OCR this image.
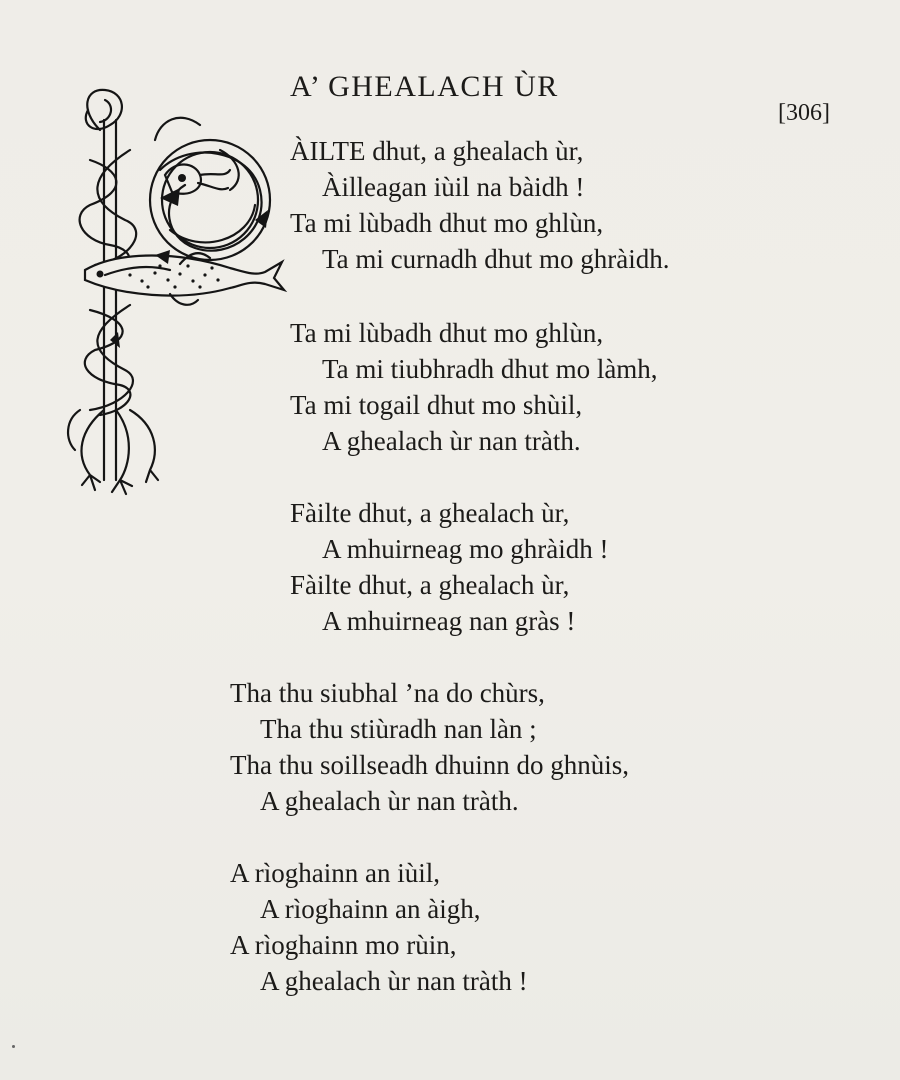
A’ GHEALACH ÙR
[306]
ÀILTE dhut, a ghealach ùr,
Àilleagan iùil na bàidh !
Ta mi lùbadh dhut mo ghlùn,
Ta mi curnadh dhut mo ghràidh.
Ta mi lùbadh dhut mo ghlùn,
Ta mi tiubhradh dhut mo làmh,
Ta mi togail dhut mo shùil,
A ghealach ùr nan tràth.
Fàilte dhut, a ghealach ùr,
A mhuirneag mo ghràidh !
Fàilte dhut, a ghealach ùr,
A mhuirneag nan gràs !
Tha thu siubhal ’na do chùrs,
Tha thu stiùradh nan làn ;
Tha thu soillseadh dhuinn do ghnùis,
A ghealach ùr nan tràth.
A rìoghainn an iùil,
A rìoghainn an àigh,
A rìoghainn mo rùin,
A ghealach ùr nan tràth !
